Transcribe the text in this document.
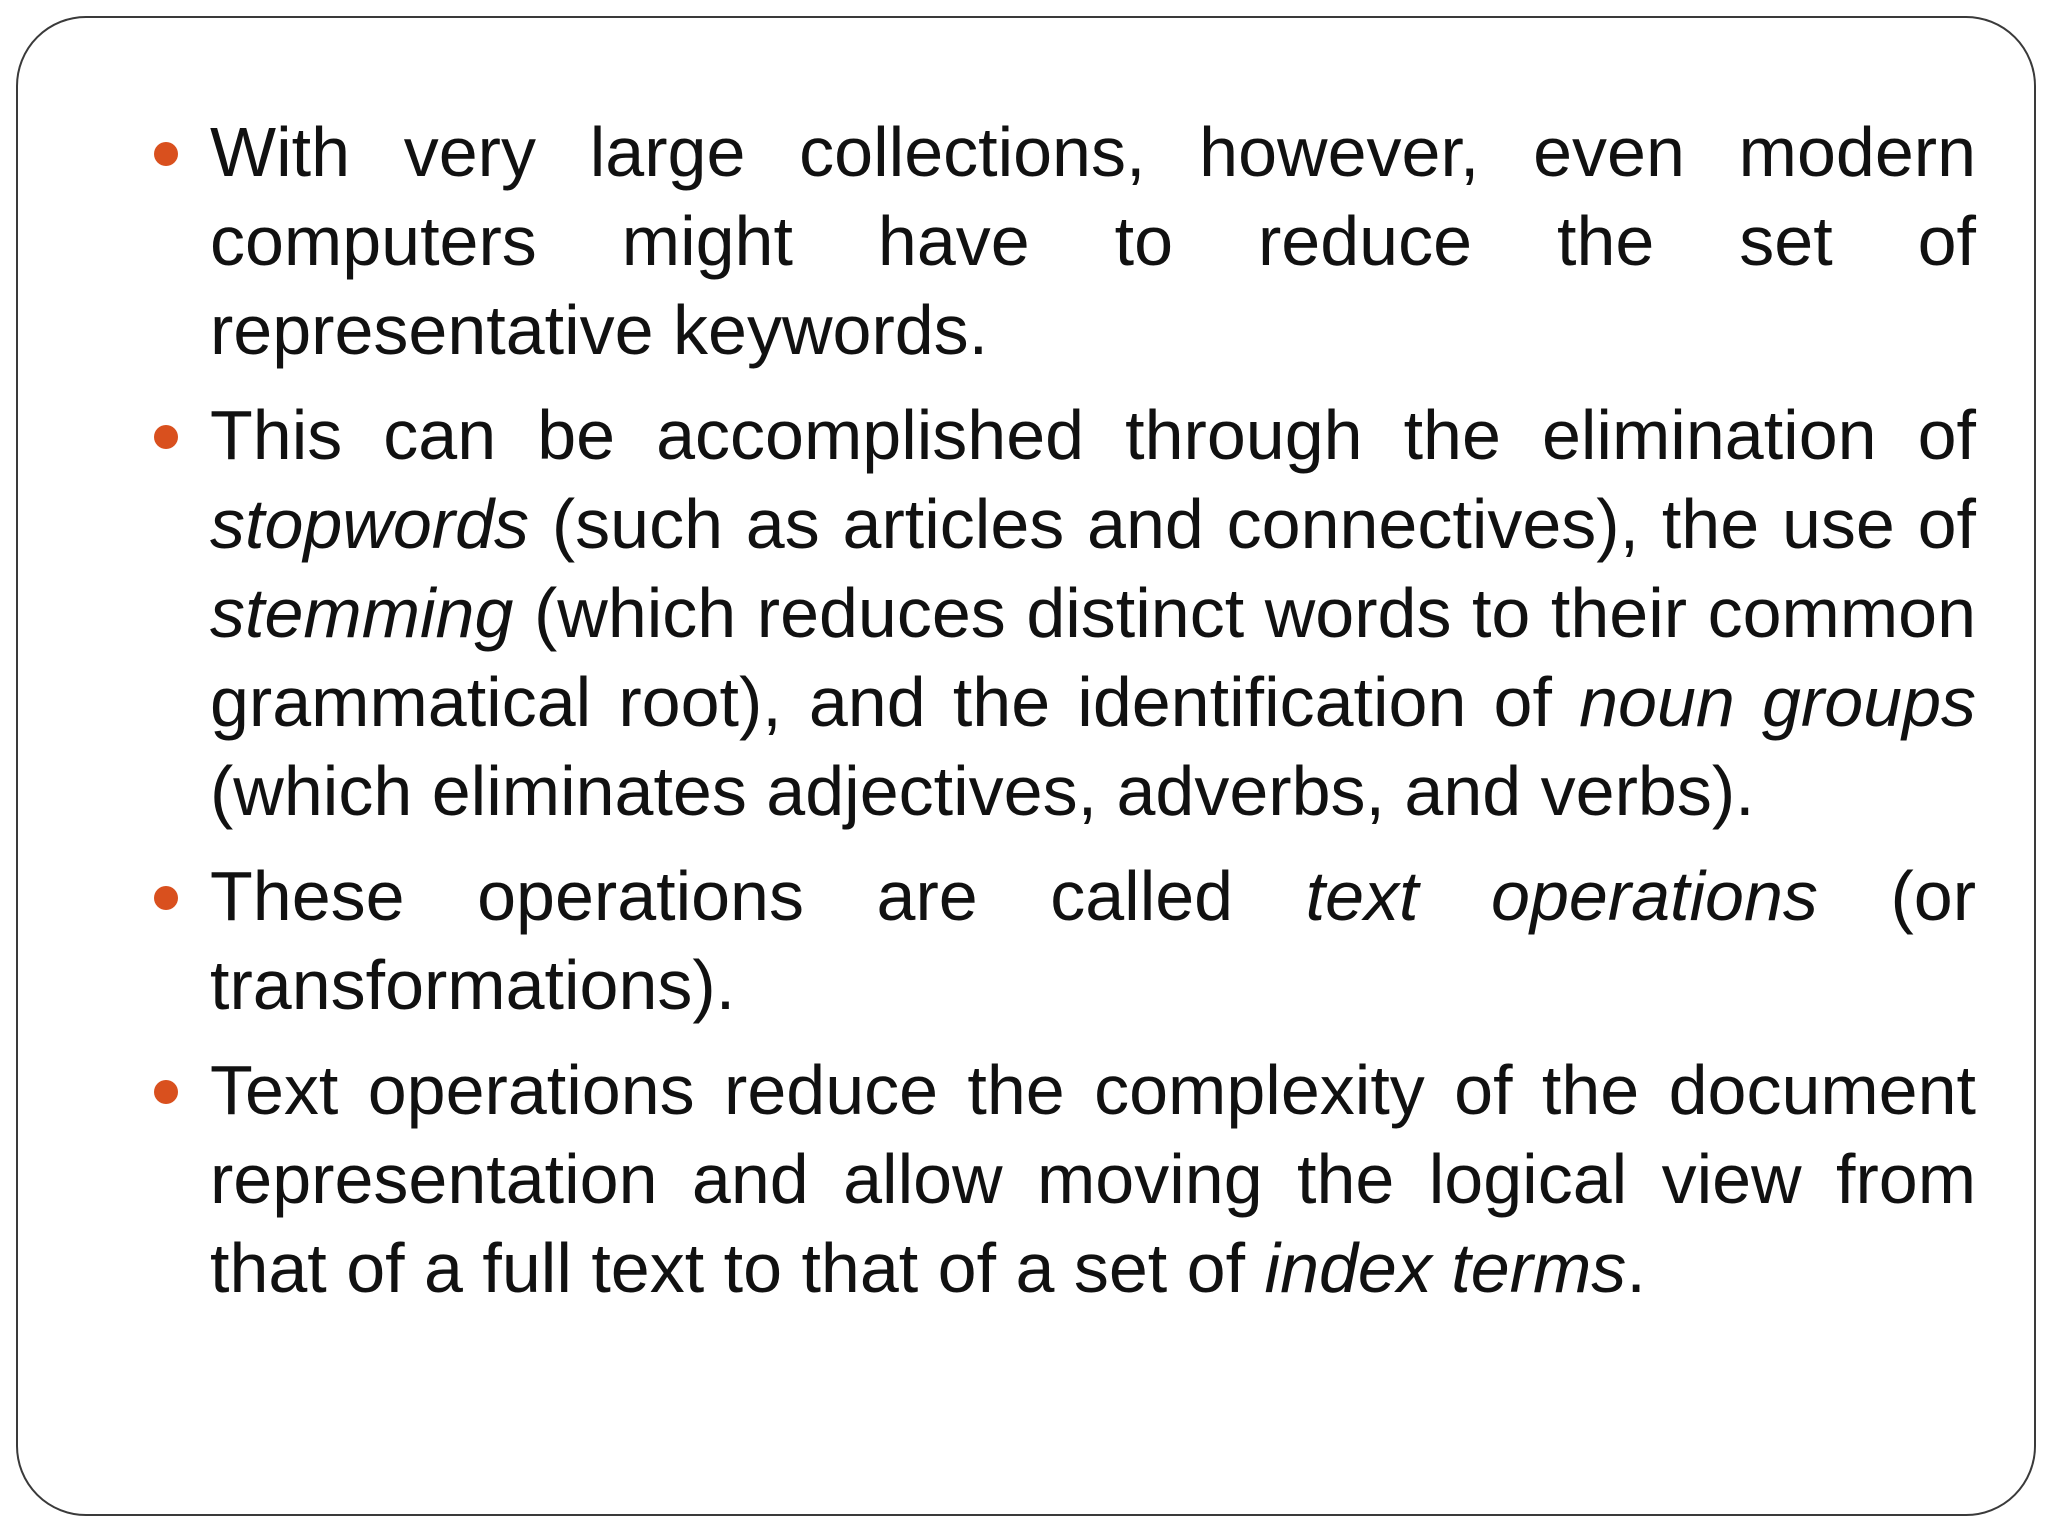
With very large collections, however, even modern computers might have to reduce the set of representative keywords.
This can be accomplished through the elimination of stopwords (such as articles and connectives), the use of stemming (which reduces distinct words to their common grammatical root), and the identification of noun groups (which eliminates adjectives, adverbs, and verbs).
These operations are called text operations (or transformations).
Text operations reduce the complexity of the document representation and allow moving the logical view from that of a full text to that of a set of index terms.
